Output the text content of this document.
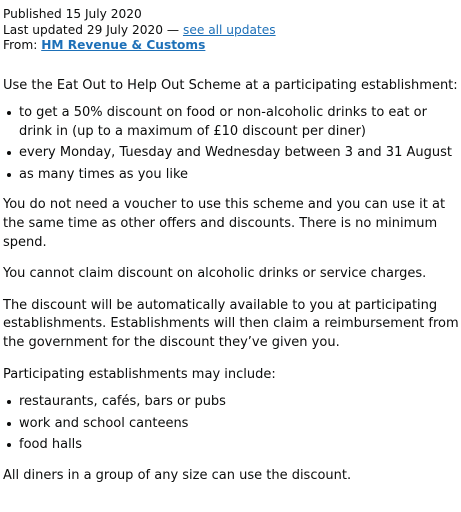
Published 15 July 2020
Last updated 29 July 2020 — see all updates
From: HM Revenue & Customs

Use the Eat Out to Help Out Scheme at a participating establishment:

to get a 50% discount on food or non-alcoholic drinks to eat or drink in (up to a maximum of £10 discount per diner)
every Monday, Tuesday and Wednesday between 3 and 31 August
as many times as you like

You do not need a voucher to use this scheme and you can use it at the same time as other offers and discounts. There is no minimum spend.

You cannot claim discount on alcoholic drinks or service charges.

The discount will be automatically available to you at participating establishments. Establishments will then claim a reimbursement from the government for the discount they’ve given you.

Participating establishments may include:

restaurants, cafés, bars or pubs
work and school canteens
food halls

All diners in a group of any size can use the discount.
